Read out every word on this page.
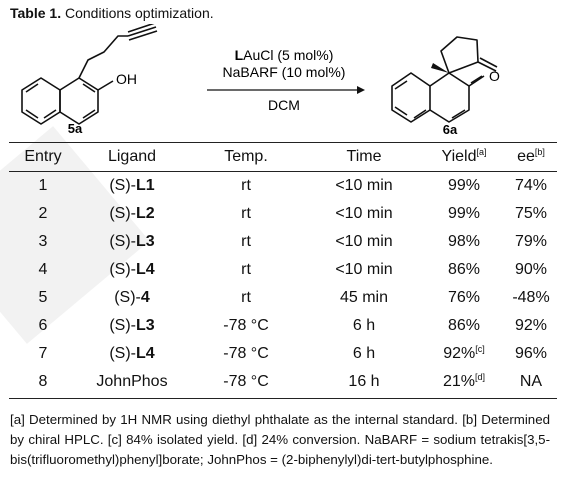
Table 1. Conditions optimization.
OH
5a
LAuCl (5 mol%)
NaBARF (10 mol%)
DCM
O
6a
Entry	Ligand	Temp.	Time	Yield[a]	ee[b]
1	(S)-L1	rt	<10 min	99%	74%
2	(S)-L2	rt	<10 min	99%	75%
3	(S)-L3	rt	<10 min	98%	79%
4	(S)-L4	rt	<10 min	86%	90%
5	(S)-4	rt	45 min	76%	-48%
6	(S)-L3	-78 °C	6 h	86%	92%
7	(S)-L4	-78 °C	6 h	92%[c]	96%
8	JohnPhos	-78 °C	16 h	21%[d]	NA
[a] Determined by 1H NMR using diethyl phthalate as the internal standard. [b] Determined by chiral HPLC. [c] 84% isolated yield. [d] 24% conversion. NaBARF = sodium tetrakis[3,5-bis(trifluoromethyl)phenyl]borate; JohnPhos = (2-biphenylyl)di-tert-butylphosphine.
